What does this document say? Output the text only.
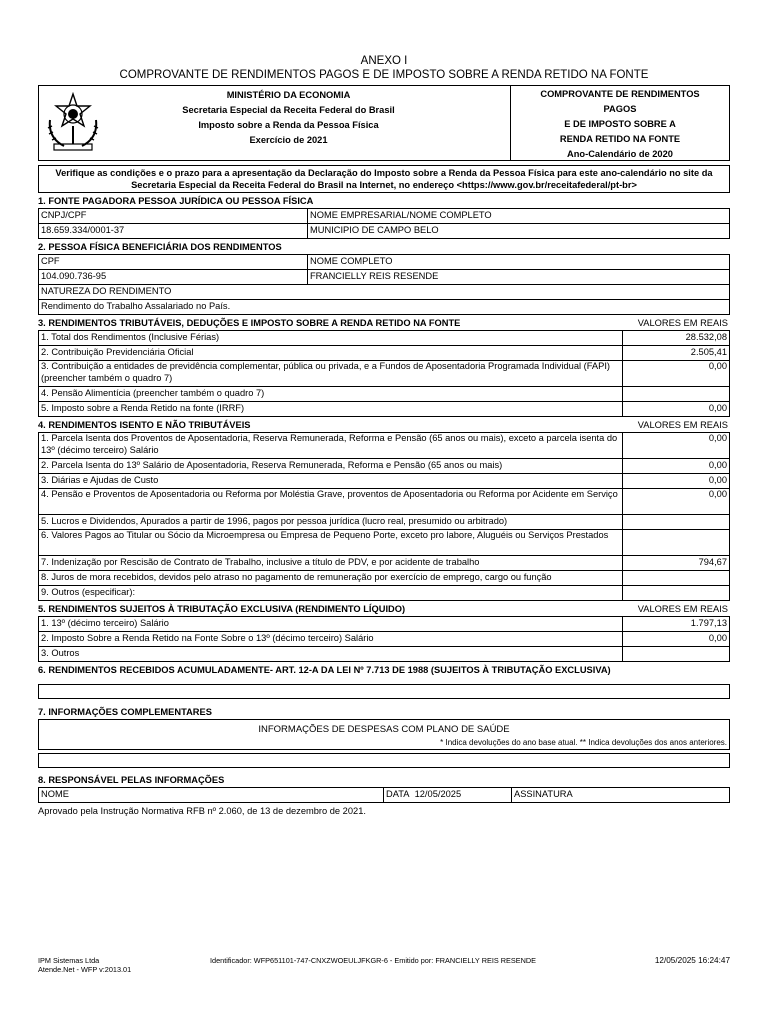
ANEXO I
COMPROVANTE DE RENDIMENTOS PAGOS E DE IMPOSTO SOBRE A RENDA RETIDO NA FONTE
MINISTÉRIO DA ECONOMIA
Secretaria Especial da Receita Federal do Brasil
Imposto sobre a Renda da Pessoa Física
Exercício de 2021
COMPROVANTE DE RENDIMENTOS
PAGOS
E DE IMPOSTO SOBRE A
RENDA RETIDO NA FONTE
Ano-Calendário de 2020
Verifique as condições e o prazo para a apresentação da Declaração do Imposto sobre a Renda da Pessoa Física para este ano-calendário no site da Secretaria Especial da Receita Federal do Brasil na Internet, no endereço <https://www.gov.br/receitafederal/pt-br>
1. FONTE PAGADORA PESSOA JURÍDICA OU PESSOA FÍSICA
CNPJ/CPF	NOME EMPRESARIAL/NOME COMPLETO
18.659.334/0001-37	MUNICIPIO DE CAMPO BELO
2. PESSOA FÍSICA BENEFICIÁRIA DOS RENDIMENTOS
CPF	NOME COMPLETO
104.090.736-95	FRANCIELLY REIS RESENDE
NATUREZA DO RENDIMENTO	
Rendimento do Trabalho Assalariado no País.	
3. RENDIMENTOS TRIBUTÁVEIS, DEDUÇÕES E IMPOSTO SOBRE A RENDA RETIDO NA FONTE	VALORES EM REAIS
1. Total dos Rendimentos (Inclusive Férias)	28.532,08
2. Contribuição Previdenciária Oficial	2.505,41
3. Contribuição a entidades de previdência complementar, pública ou privada, e a Fundos de Aposentadoria Programada Individual (FAPI) (preencher também o quadro 7)	0,00
4. Pensão Alimentícia (preencher também o quadro 7)	
5. Imposto sobre a Renda Retido na fonte (IRRF)	0,00
4. RENDIMENTOS ISENTO E NÃO TRIBUTÁVEIS	VALORES EM REAIS
1. Parcela Isenta dos Proventos de Aposentadoria, Reserva Remunerada, Reforma e Pensão (65 anos ou mais), exceto a parcela isenta do 13º (décimo terceiro) Salário	0,00
2. Parcela Isenta do 13º Salário de Aposentadoria, Reserva Remunerada, Reforma e Pensão (65 anos ou mais)	0,00
3. Diárias e Ajudas de Custo	0,00
4. Pensão e Proventos de Aposentadoria ou Reforma por Moléstia Grave, proventos de Aposentadoria ou Reforma por Acidente em Serviço	0,00
5. Lucros e Dividendos, Apurados a partir de 1996, pagos por pessoa jurídica (lucro real, presumido ou arbitrado)	
6. Valores Pagos ao Titular ou Sócio da Microempresa ou Empresa de Pequeno Porte, exceto pro labore, Aluguéis ou Serviços Prestados	
7. Indenização por Rescisão de Contrato de Trabalho, inclusive a título de PDV, e por acidente de trabalho	794,67
8. Juros de mora recebidos, devidos pelo atraso no pagamento de remuneração por exercício de emprego, cargo ou função	
9. Outros (especificar):	
5. RENDIMENTOS SUJEITOS À TRIBUTAÇÃO EXCLUSIVA (RENDIMENTO LÍQUIDO)	VALORES EM REAIS
1. 13º (décimo terceiro) Salário	1.797,13
2. Imposto Sobre a Renda Retido na Fonte Sobre o 13º (décimo terceiro) Salário	0,00
3. Outros	
6. RENDIMENTOS RECEBIDOS ACUMULADAMENTE- ART. 12-A DA LEI Nº 7.713 DE 1988 (SUJEITOS À TRIBUTAÇÃO EXCLUSIVA)
7. INFORMAÇÕES COMPLEMENTARES
INFORMAÇÕES DE DESPESAS COM PLANO DE SAÚDE
* Indica devoluções do ano base atual. ** Indica devoluções dos anos anteriores.
8. RESPONSÁVEL PELAS INFORMAÇÕES
NOME	DATA 12/05/2025	ASSINATURA
Aprovado pela Instrução Normativa RFB nº 2.060, de 13 de dezembro de 2021.
IPM Sistemas Ltda
Atende.Net - WFP v:2013.01
Identificador: WFP651101-747-CNXZWOEULJFKGR-6 - Emitido por: FRANCIELLY REIS RESENDE	12/05/2025 16:24:47
